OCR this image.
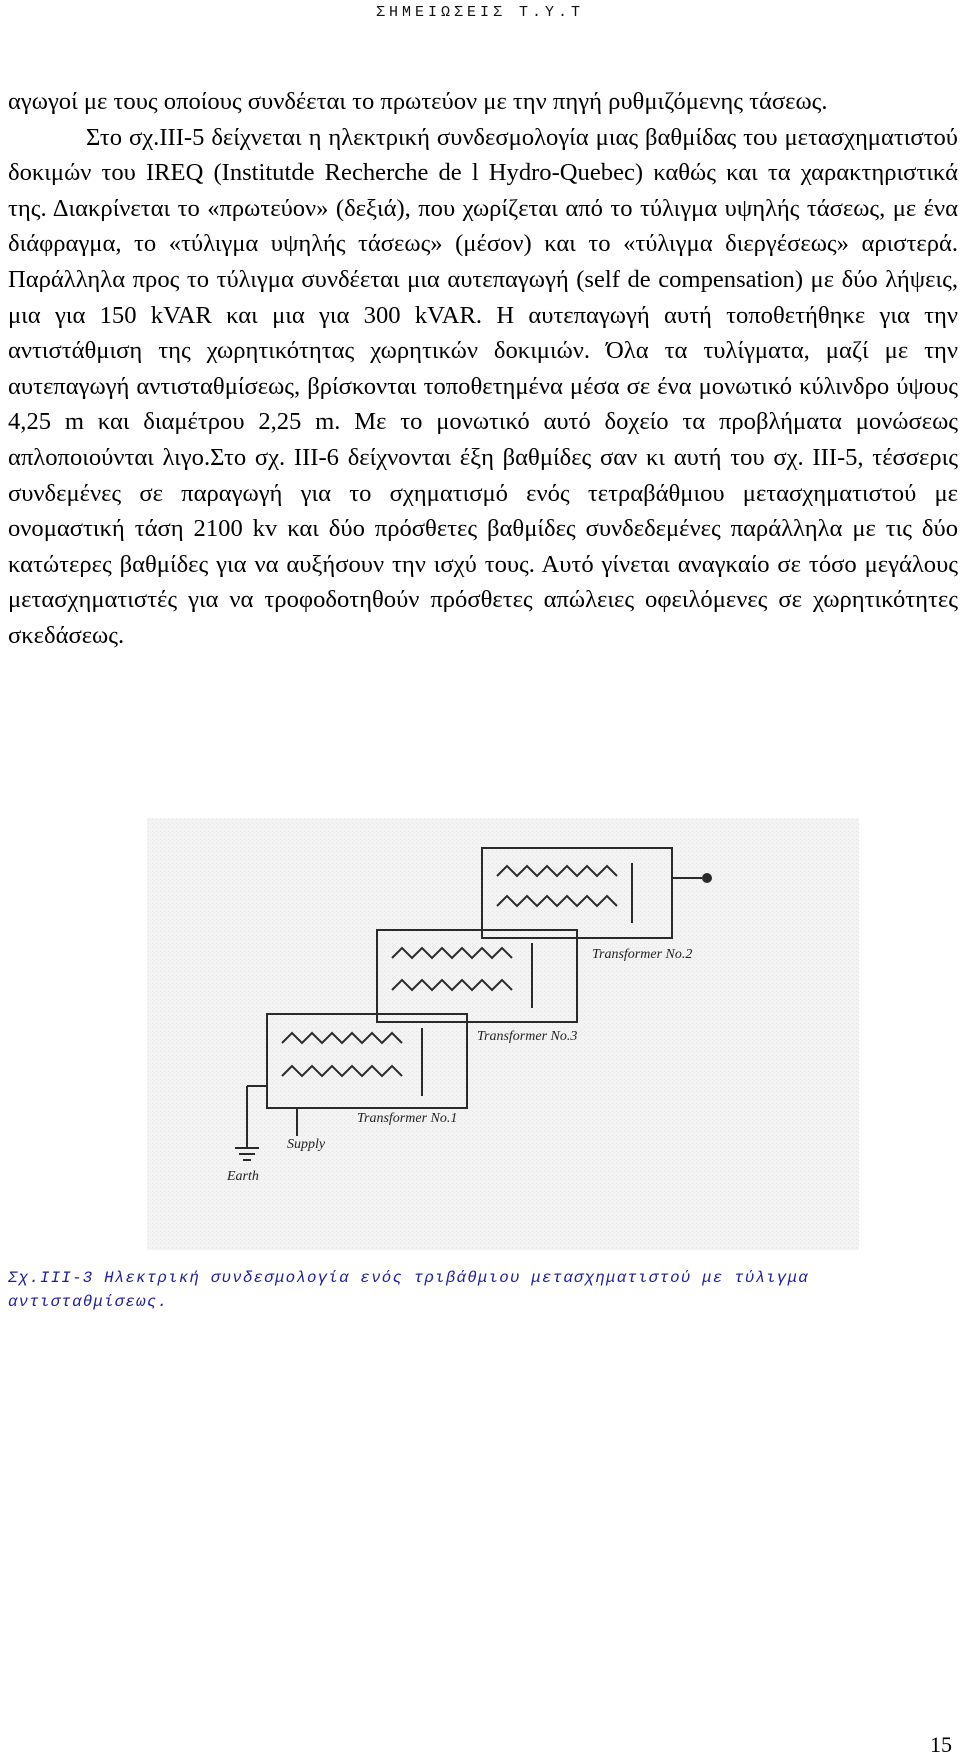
ΣΗΜΕΙΩΣΕΙΣ Τ.Υ.Τ

αγωγοί με τους οποίους συνδέεται το πρωτεύον με την πηγή ρυθμιζόμενης τάσεως.

Στο σχ.ΙΙΙ-5 δείχνεται η ηλεκτρική συνδεσμολογία μιας βαθμίδας του μετασχηματιστού δοκιμών του IREQ (Institutde Recherche de l Hydro-Quebec) καθώς και τα χαρακτηριστικά της. Διακρίνεται το «πρωτεύον» (δεξιά), που χωρίζεται από το τύλιγμα υψηλής τάσεως, με ένα διάφραγμα, το «τύλιγμα υψηλής τάσεως» (μέσον) και το «τύλιγμα διεργέσεως» αριστερά. Παράλληλα προς το τύλιγμα συνδέεται μια αυτεπαγωγή (self de compensation) με δύο λήψεις, μια για 150 kVAR και μια για 300 kVAR. Η αυτεπαγωγή αυτή τοποθετήθηκε για την αντιστάθμιση της χωρητικότητας χωρητικών δοκιμιών. Όλα τα τυλίγματα, μαζί με την αυτεπαγωγή αντισταθμίσεως, βρίσκονται τοποθετημένα μέσα σε ένα μονωτικό κύλινδρο ύψους 4,25 m και διαμέτρου 2,25 m. Με το μονωτικό αυτό δοχείο τα προβλήματα μονώσεως απλοποιούνται λιγο.Στο σχ. ΙΙΙ-6 δείχνονται έξη βαθμίδες σαν κι αυτή του σχ. ΙΙΙ-5, τέσσερις συνδεμένες σε παραγωγή για το σχηματισμό ενός τετραβάθμιου μετασχηματιστού με ονομαστική τάση 2100 kv και δύο πρόσθετες βαθμίδες συνδεδεμένες παράλληλα με τις δύο κατώτερες βαθμίδες για να αυξήσουν την ισχύ τους. Αυτό γίνεται αναγκαίο σε τόσο μεγάλους μετασχηματιστές για να τροφοδοτηθούν πρόσθετες απώλειες οφειλόμενες σε χωρητικότητες σκεδάσεως.

Transformer No.2
Transformer No.3
Transformer No.1
Supply
Earth
Σχ.ΙΙΙ-3 Ηλεκτρική συνδεσμολογία ενός τριβάθμιου μετασχηματιστού με τύλιγμα αντισταθμίσεως.
15
